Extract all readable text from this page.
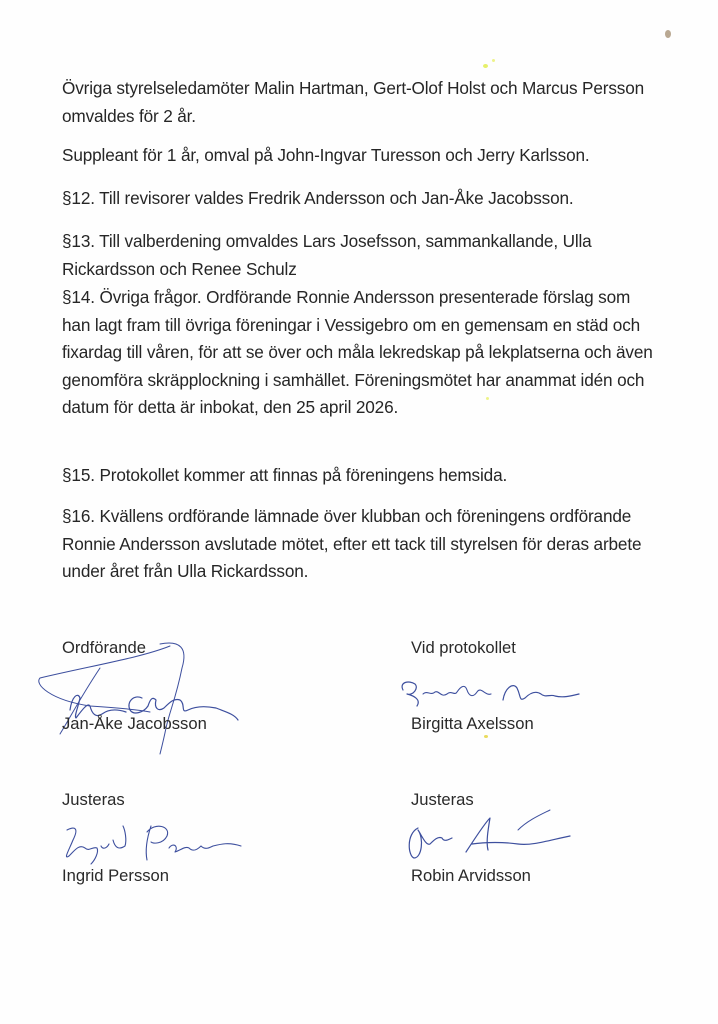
Övriga styrelseledamöter Malin Hartman, Gert-Olof Holst och Marcus Persson omvaldes för 2 år.

Suppleant för 1 år, omval på John-Ingvar Turesson och Jerry Karlsson.

§12. Till revisorer valdes Fredrik Andersson och Jan-Åke Jacobsson.

§13. Till valberdening omvaldes Lars Josefsson, sammankallande, Ulla Rickardsson och Renee Schulz

§14. Övriga frågor. Ordförande Ronnie Andersson presenterade förslag som han lagt fram till övriga föreningar i Vessigebro om en gemensam en städ och fixardag till våren, för att se över och måla lekredskap på lekplatserna och även genomföra skräpplockning i samhället. Föreningsmötet har anammat idén och datum för detta är inbokat, den 25 april 2026.

§15. Protokollet kommer att finnas på föreningens hemsida.

§16. Kvällens ordförande lämnade över klubban och föreningens ordförande Ronnie Andersson avslutade mötet, efter ett tack till styrelsen för deras arbete under året från Ulla Rickardsson.

Ordförande

Jan-Åke Jacobsson

Vid protokollet

Birgitta Axelsson

Justeras

Ingrid Persson

Justeras

Robin Arvidsson
